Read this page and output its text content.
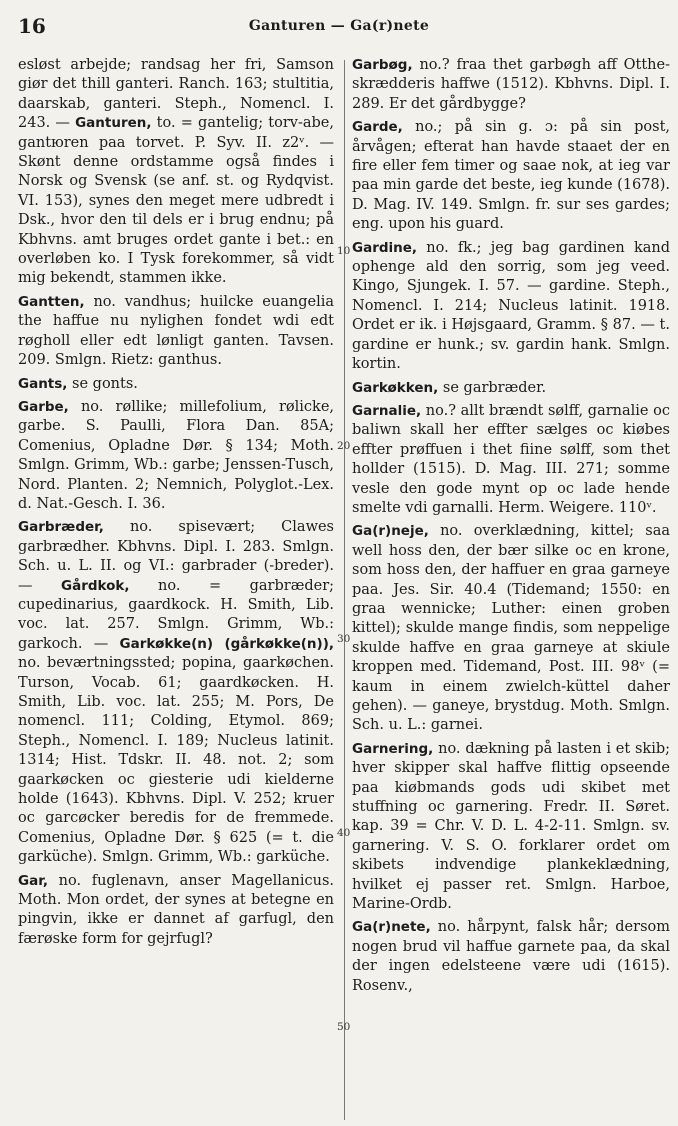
16	Ganturen — Ga(r)nete
10
20
30
40
50

esløst arbejde; randsag her fri, Samson giør det thill ganteri. Ranch. 163; stultitia, daarskab, ganteri. Steph., Nomencl. I. 243. — Ganturen, to. = gantelig; torv-abe, gantюren paa torvet. P. Syv. II. z2ᵛ. — Skønt denne ordstamme også findes i Norsk og Svensk (se anf. st. og Rydqvist. VI. 153), synes den meget mere udbredt i Dsk., hvor den til dels er i brug endnu; på Kbhvns. amt bruges ordet gante i bet.: en overløben ko. I Tysk forekommer, så vidt mig bekendt, stammen ikke.

Gantten, no. vandhus; huilcke euangelia the haffue nu nylighen fondet wdi edt røgholl eller edt lønligt ganten. Tavsen. 209. Smlgn. Rietz: ganthus.

Gants, se gonts.

Garbe, no. røllike; millefolium, rølicke, garbe. S. Paulli, Flora Dan. 85A; Comenius, Opladne Dør. § 134; Moth. Smlgn. Grimm, Wb.: garbe; Jenssen-Tusch, Nord. Planten. 2; Nemnich, Polyglot.-Lex. d. Nat.-Gesch. I. 36.

Garbræder, no. spisevært; Clawes garbrædher. Kbhvns. Dipl. I. 283. Smlgn. Sch. u. L. II. og VI.: garbrader (-breder). — Gårdkok, no. = garbræder; cupedinarius, gaardkock. H. Smith, Lib. voc. lat. 257. Smlgn. Grimm, Wb.: garkoch. — Garkøkke(n) (gårkøkke(n)), no. beværtningssted; popina, gaarkøchen. Turson, Vocab. 61; gaardkøcken. H. Smith, Lib. voc. lat. 255; M. Pors, De nomencl. 111; Colding, Etymol. 869; Steph., Nomencl. I. 189; Nucleus latinit. 1314; Hist. Tdskr. II. 48. not. 2; som gaarkøcken oc giesterie udi kielderne holde (1643). Kbhvns. Dipl. V. 252; kruer oc garcøcker beredis for de fremmede. Comenius, Opladne Dør. § 625 (= t. die garküche). Smlgn. Grimm, Wb.: garküche.

Gar, no. fuglenavn, anser Magellanicus. Moth. Mon ordet, der synes at betegne en pingvin, ikke er dannet af garfugl, den færøske form for gejrfugl?

Garbøg, no.? fraa thet garbøgh aff Otthe-skrædderis haffwe (1512). Kbhvns. Dipl. I. 289. Er det gårdbygge?

Garde, no.; på sin g. ɔ: på sin post, årvågen; efterat han havde staaet der en fire eller fem timer og saae nok, at ieg var paa min garde det beste, ieg kunde (1678). D. Mag. IV. 149. Smlgn. fr. sur ses gardes; eng. upon his guard.

Gardine, no. fk.; jeg bag gardinen kand ophenge ald den sorrig, som jeg veed. Kingo, Sjungek. I. 57. — gardine. Steph., Nomencl. I. 214; Nucleus latinit. 1918. Ordet er ik. i Højsgaard, Gramm. § 87. — t. gardine er hunk.; sv. gardin hank. Smlgn. kortin.

Garkøkken, se garbræder.

Garnalie, no.? allt brændt sølff, garnalie oc baliwn skall her effter sælges oc kiøbes effter prøffuen i thet fiine sølff, som thet hollder (1515). D. Mag. III. 271; somme vesle den gode mynt op oc lade hende smelte vdi garnalli. Herm. Weigere. 110ᵛ.

Ga(r)neje, no. overklædning, kittel; saa well hoss den, der bær silke oc en krone, som hoss den, der haffuer en graa garneye paa. Jes. Sir. 40.4 (Tidemand; 1550: en graa wennicke; Luther: einen groben kittel); skulde mange findis, som neppelige skulde haffve en graa garneye at skiule kroppen med. Tidemand, Post. III. 98ᵛ (= kaum in einem zwielch-küttel daher gehen). — ganeye, brystdug. Moth. Smlgn. Sch. u. L.: garnei.

Garnering, no. dækning på lasten i et skib; hver skipper skal haffve flittig opseende paa kiøbmands gods udi skibet met stuffning oc garnering. Fredr. II. Søret. kap. 39 = Chr. V. D. L. 4-2-11. Smlgn. sv. garnering. V. S. O. forklarer ordet om skibets indvendige plankeklædning, hvilket ej passer ret. Smlgn. Harboe, Marine-Ordb.

Ga(r)nete, no. hårpynt, falsk hår; dersom nogen brud vil haffue garnete paa, da skal der ingen edelsteene være udi (1615). Rosenv.,
